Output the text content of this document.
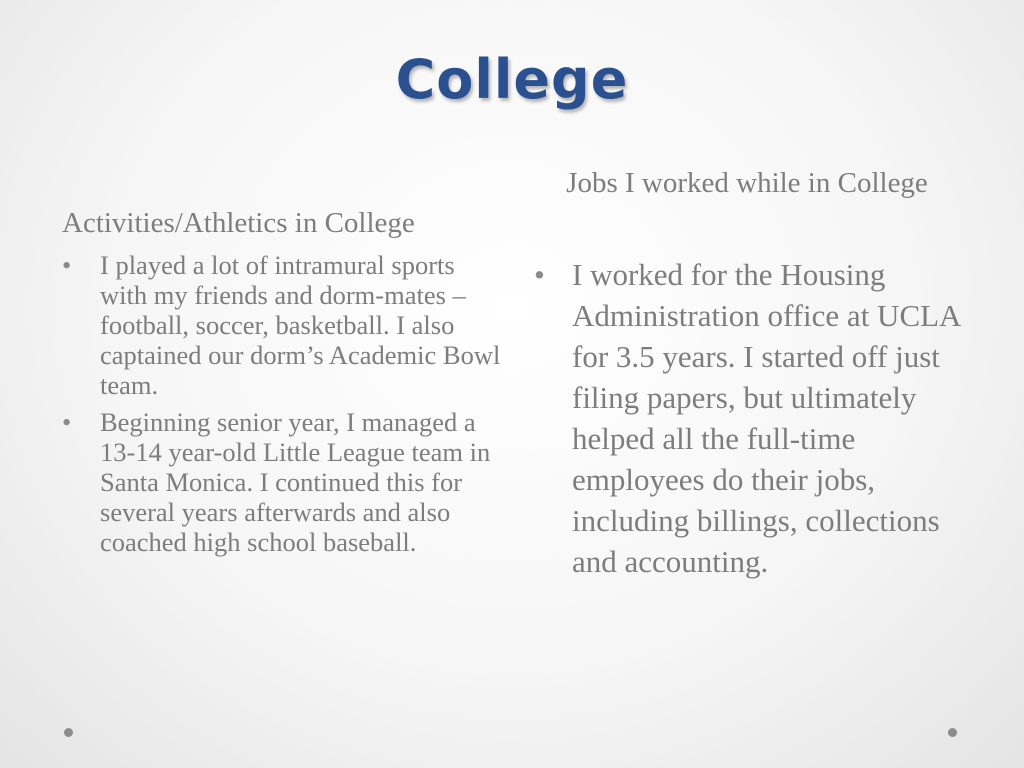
College
Activities/Athletics in College
• I played a lot of intramural sports with my friends and dorm-mates – football, soccer, basketball. I also captained our dorm’s Academic Bowl team.
• Beginning senior year, I managed a 13-14 year-old Little League team in Santa Monica. I continued this for several years afterwards and also coached high school baseball.
Jobs I worked while in College
• I worked for the Housing Administration office at UCLA for 3.5 years. I started off just filing papers, but ultimately helped all the full-time employees do their jobs, including billings, collections and accounting.
